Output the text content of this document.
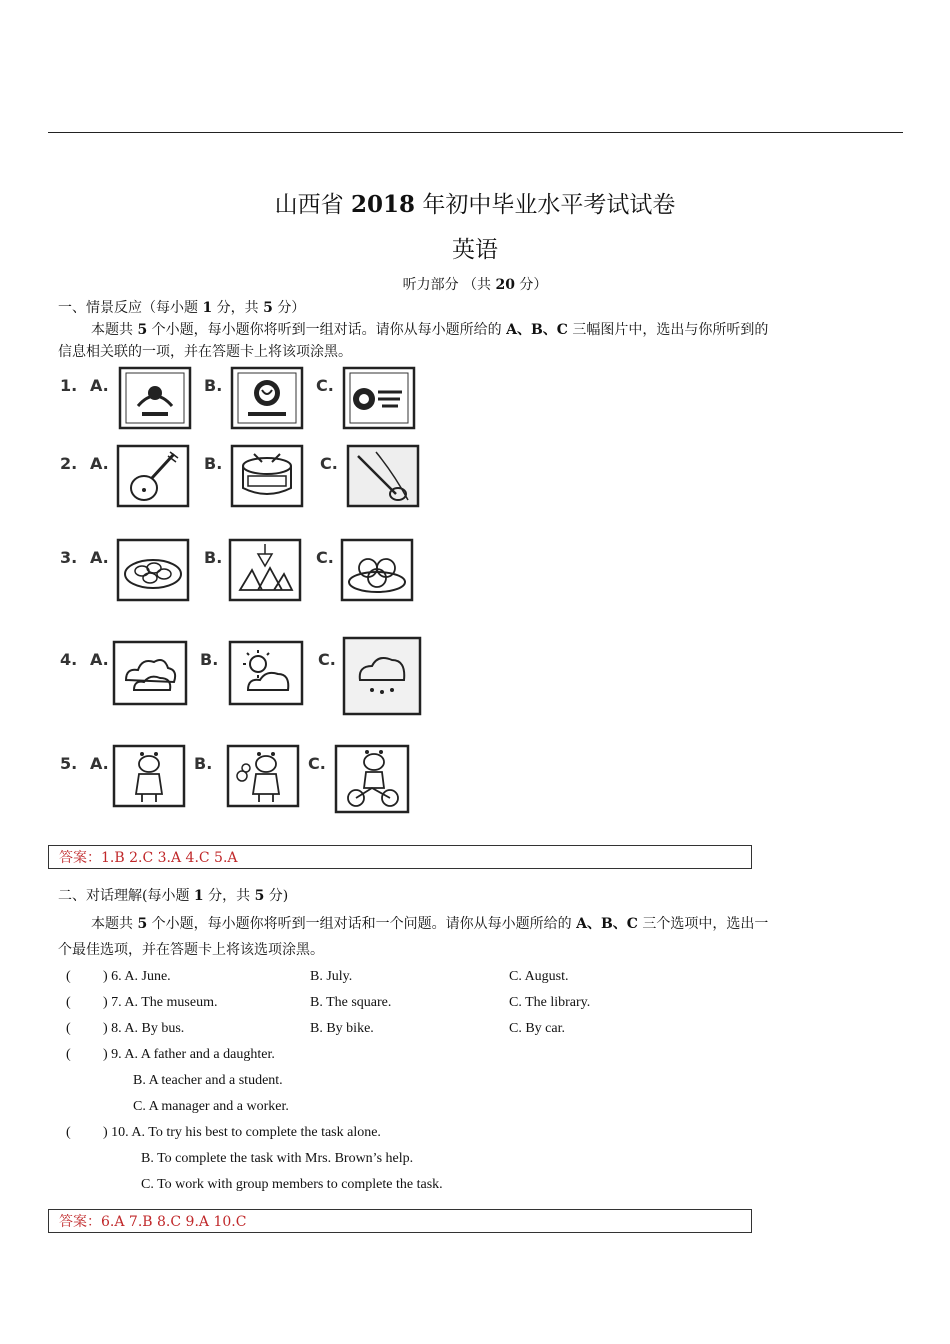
山西省 2018 年初中毕业水平考试试卷
英语
听力部分 （共 20 分）
一、情景反应（每小题 1 分，共 5 分）
本题共 5 个小题，每小题你将听到一组对话。请你从每小题所给的 A、B、C 三幅图片中，选出与你所听到的
信息相关联的一项，并在答题卡上将该项涂黑。
1. A.	B.	C.
2. A.	B.	C.
3. A.	B.	C.
4. A.	B.	C.
5. A.	B.	C.
答案：1.B 2.C 3.A 4.C 5.A
二、对话理解(每小题 1 分，共 5 分)
本题共 5 个小题，每小题你将听到一组对话和一个问题。请你从每小题所给的 A、B、C 三个选项中，选出一
个最佳选项，并在答题卡上将该选项涂黑。
( ) 6. A. June.	B. July.	C. August.
( ) 7. A. The museum.	B. The square.	C. The library.
( ) 8. A. By bus.	B. By bike.	C. By car.
( ) 9. A. A father and a daughter.
B. A teacher and a student.
C. A manager and a worker.
( ) 10. A. To try his best to complete the task alone.
B. To complete the task with Mrs. Brown’s help.
C. To work with group members to complete the task.
答案：6.A 7.B 8.C 9.A 10.C
